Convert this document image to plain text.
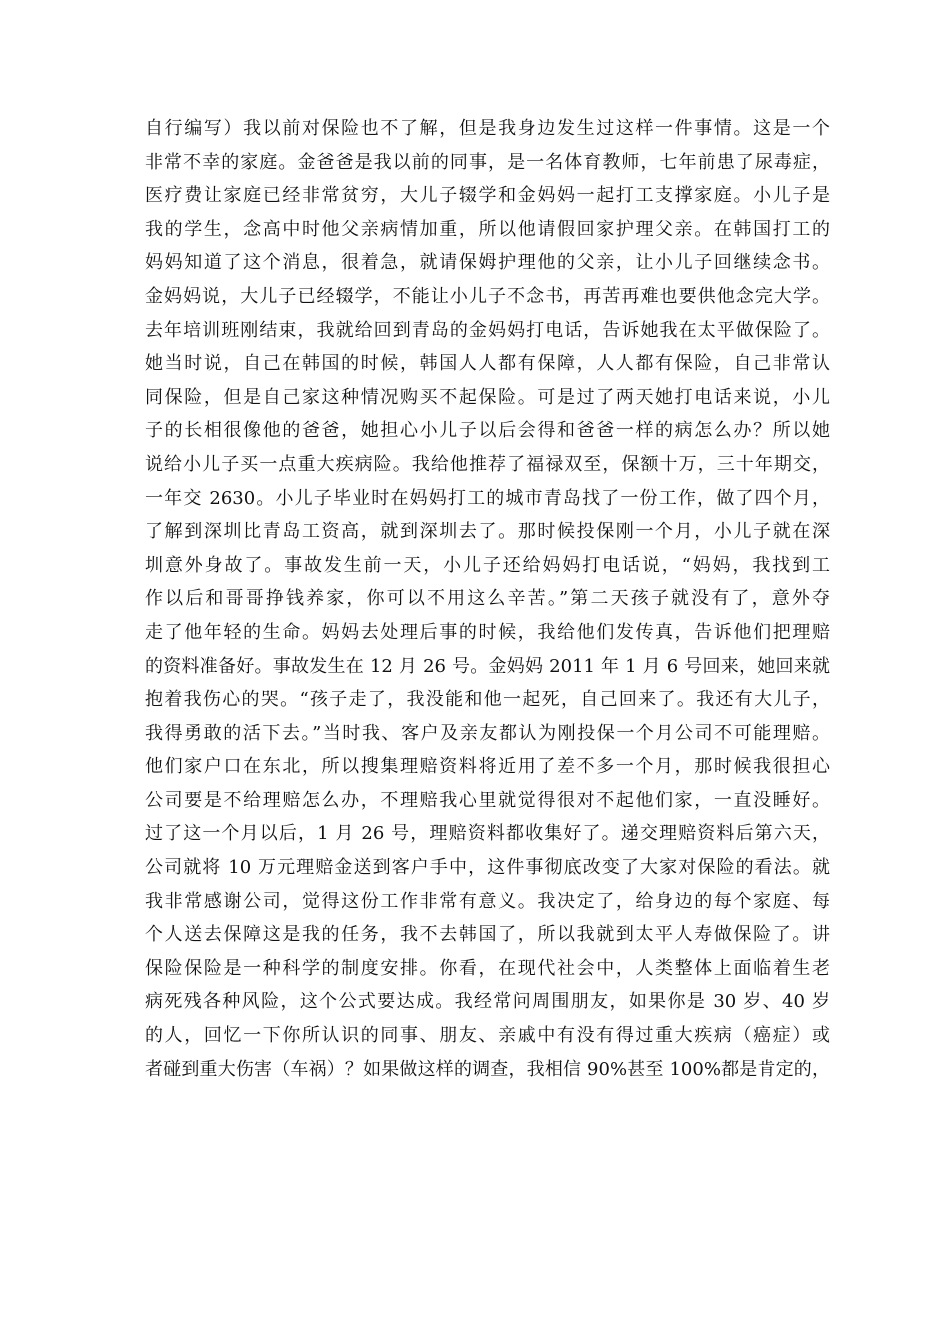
自行编写）我以前对保险也不了解，但是我身边发生过这样一件事情。这是一个
非常不幸的家庭。金爸爸是我以前的同事，是一名体育教师，七年前患了尿毒症，
医疗费让家庭已经非常贫穷，大儿子辍学和金妈妈一起打工支撑家庭。小儿子是
我的学生，念高中时他父亲病情加重，所以他请假回家护理父亲。在韩国打工的
妈妈知道了这个消息，很着急，就请保姆护理他的父亲，让小儿子回继续念书。
金妈妈说，大儿子已经辍学，不能让小儿子不念书，再苦再难也要供他念完大学。
去年培训班刚结束，我就给回到青岛的金妈妈打电话，告诉她我在太平做保险了。
她当时说，自己在韩国的时候，韩国人人都有保障，人人都有保险，自己非常认
同保险，但是自己家这种情况购买不起保险。可是过了两天她打电话来说，小儿
子的长相很像他的爸爸，她担心小儿子以后会得和爸爸一样的病怎么办？所以她
说给小儿子买一点重大疾病险。我给他推荐了福禄双至，保额十万，三十年期交，
一年交 2630。小儿子毕业时在妈妈打工的城市青岛找了一份工作，做了四个月，
了解到深圳比青岛工资高，就到深圳去了。那时候投保刚一个月，小儿子就在深
圳意外身故了。事故发生前一天，小儿子还给妈妈打电话说，“妈妈，我找到工
作以后和哥哥挣钱养家，你可以不用这么辛苦。”第二天孩子就没有了，意外夺
走了他年轻的生命。妈妈去处理后事的时候，我给他们发传真，告诉他们把理赔
的资料准备好。事故发生在 12 月 26 号。金妈妈 2011 年 1 月 6 号回来，她回来就
抱着我伤心的哭。“孩子走了，我没能和他一起死，自己回来了。我还有大儿子，
我得勇敢的活下去。”当时我、客户及亲友都认为刚投保一个月公司不可能理赔。
他们家户口在东北，所以搜集理赔资料将近用了差不多一个月，那时候我很担心
公司要是不给理赔怎么办，不理赔我心里就觉得很对不起他们家，一直没睡好。
过了这一个月以后，1 月 26 号，理赔资料都收集好了。递交理赔资料后第六天，
公司就将 10 万元理赔金送到客户手中，这件事彻底改变了大家对保险的看法。就
我非常感谢公司，觉得这份工作非常有意义。我决定了，给身边的每个家庭、每
个人送去保障这是我的任务，我不去韩国了，所以我就到太平人寿做保险了。讲
保险保险是一种科学的制度安排。你看，在现代社会中，人类整体上面临着生老
病死残各种风险，这个公式要达成。我经常问周围朋友，如果你是 30 岁、40 岁
的人，回忆一下你所认识的同事、朋友、亲戚中有没有得过重大疾病（癌症）或
者碰到重大伤害（车祸）？如果做这样的调查，我相信 90%甚至 100%都是肯定的，
